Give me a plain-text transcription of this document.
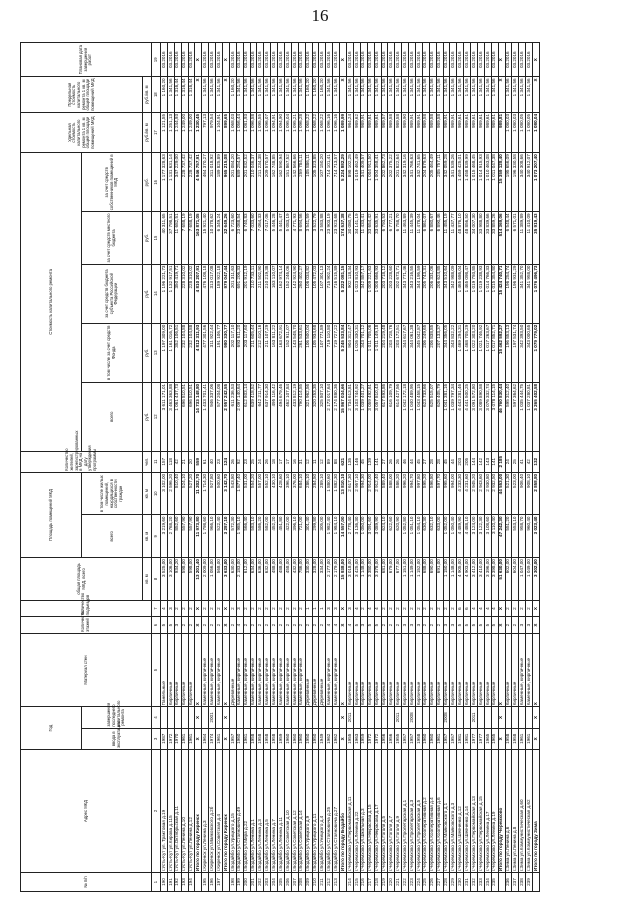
16
№ п/п	Адрес МКД	Год		Материал стен	Количество этажей	Количество подъездов	общая площадь МКД, всего	Площадь помещений МКД		Количество жителей, зарегистрированных в МКД на дату утверждения программы	Стоимость капитального ремонта					Удельная стоимость капитального ремонта 1 кв. м общей площади помещений МКД	Предельная стоимость капитального ремонта 1 кв. м общей площади помещений МКД	Плановая дата завершения работ
		ввода в эксплуатацию	завершения последнего капитального ремонта					всего	в том числе жилых помещений, находящихся в собственности граждан		всего	в том числе за счет средств Фонда	за счет средств бюджета субъекта Российской Федерации	за счет средств местного бюджета	за счет средств собственников помещений в МКД			
							кв. м	кв. м	кв. м	чел.	руб.	руб.	руб.	руб.	руб.	руб./кв. м	руб./кв. м	
1	2	3	4	5	6	7	8	9	10	11	12	13	14	15	16	17	18	19
190	г.Усть-Кут ул. Трактовая д.19	1987		Панельные	5	4	3 525,00	3 219,60	3 102,00	157	3 611 171,01	1 197 309,00	1 196 221,73	40 311,65	1 177 328,63	1 121,55	1 160,20	03.2016
191	г.Усть-Кут ул.Кирова д.115	1972		Кирпичные	5	3	3 106,00	2 768,20	2 596,20	118	3 463 363,88	1 161 016,72	1 132 917,51	37 798,51	1 131 631,14	1 251,13	1 341,56	03.2016
192	г.Усть-Кут ул.Октябрьская д.11	1970		Кирпичные	3	2	934,20	852,60	810,40	42	1 061 437,73	352 106,51	350 419,71	11 682,51	347 229,00	1 244,93	1 316,44	03.2016
193	г.Усть-Кут ул.Ленина д.10	1961		Кирпичные	2	2	598,00	557,90	524,10	21	696 810,51	232 104,88	228 310,02	7 658,19	228 737,42	1 249,00	1 316,44	03.2016
194	г.Усть-Кут ул.Ленина д.12	1961		Кирпичные	2	2	598,00	557,90	527,20	20	696 810,51	232 104,88	228 310,02	7 658,19	228 737,42	1 249,00	1 316,44	03.2016
	Итого по городу Киренск	X	X	X	X	X	13 201,40	11 973,80	11 202,70	559	14 733 148,80	4 812 311,93	4 810 207,91	163 871,05	4 946 757,91	1 230,45	X	X
195	г.Киренск ул.Ленина д.3	1964		Каменные, кирпичные	2	2	2 009,00	1 798,60	1 714,30	61	1 433 701,41	477 301,56	476 108,18	15 921,40	464 370,27	797,13	1 341,56	03.2016
196	г.Киренск ул.Маяковского д.2б	1974	2001	Каменные, кирпичные	2	2	1 056,00	966,10	927,80	40	946 337,06	311 922,44	313 017,08	10 378,62	311 018,92	979,54	1 341,56	03.2016
197	г.Киренск ул.Советская д.4	1961		Каменные, кирпичные	2	2	568,00	522,40	500,60	23	577 204,08	191 106,77	189 922,18	6 349,24	189 825,89	1 104,91	1 341,56	03.2016
	Итого по городу Киренск	X	X	X	X	X	3 633,00	3 287,10	3 142,70	124	2 957 242,55	980 330,77	979 047,44	32 649,26	965 215,08	899,65	X	X
198	г.Бодайбо ул.Урицкого д.15	1957		Деревянные	2	2	630,00	572,30	543,80	26	611 236,53	202 117,10	201 311,63	6 723,60	201 084,20	1 068,03	1 160,20	03.2016
199	г.Бодайбо ул.Стояновича д.49	1960		Каменные, кирпичные	4	3	2 183,00	1 985,10	1 877,40	92	2 097 140,64	693 611,20	691 206,33	23 068,54	689 254,57	1 056,44	1 341,56	03.2016
200	г.Бодайбо ул.Мира д.22	1961		Каменные, кирпичные	2	2	612,00	566,40	531,00	23	612 803,14	203 117,60	201 912,19	6 740,83	201 032,52	1 081,93	1 341,56	03.2016
201	г.Бодайбо ул.Ленина д.1	1958		Каменные, кирпичные	2	2	634,00	583,10	554,20	25	639 418,52	211 605,44	210 733,11	7 033,60	210 046,37	1 096,58	1 341,56	03.2016
202	г.Бодайбо ул.Ленина д.3	1958		Каменные, кирпичные	2	2	636,00	586,20	557,00	24	642 211,77	212 410,16	211 502,90	7 064,33	211 234,38	1 095,55	1 341,56	03.2016
203	г.Бодайбо ул.Ленина д.5	1958		Каменные, кирпичные	2	2	632,00	582,00	552,10	26	637 914,30	211 107,29	210 219,38	7 017,06	209 570,57	1 096,07	1 341,56	03.2016
204	г.Бодайбо ул.Ленина д.7	1958		Каменные, кирпичные	2	2	488,00	452,20	430,10	18	495 116,42	163 811,22	163 110,07	5 446,28	162 748,85	1 094,91	1 341,56	03.2016
205	г.Бодайбо ул.Ленина д.11	1959		Каменные, кирпичные	2	2	488,00	451,80	428,60	17	494 679,46	163 672,91	162 974,14	5 441,47	162 590,94	1 094,90	1 341,56	03.2016
206	г.Бодайбо ул.Советская д.10	1960		Каменные, кирпичные	2	2	458,00	422,00	396,10	17	462 107,84	152 911,07	152 246,06	5 083,19	151 867,52	1 095,04	1 341,56	03.2016
207	г.Бодайбо ул.Советская д.12	1960		Каменные, кирпичные	2	2	432,00	396,10	376,00	16	433 812,19	143 548,70	142 924,90	4 771,93	142 566,66	1 095,21	1 341,56	03.2016
208	г.Бодайбо ул.Советская д.14	1960		Каменные, кирпичные	2	2	786,00	721,00	684,10	31	790 414,55	261 533,61	260 402,27	8 694,56	259 784,11	1 096,28	1 341,56	03.2016
209	г.Бодайбо ул.Урицкого д.9	1950		Деревянные	2	1	330,00	301,40	286,10	12	321 962,56	106 500,04	106 034,82	3 541,59	105 886,11	1 068,22	1 160,20	03.2016
210	г.Бодайбо ул.Урицкого д.11	1950		Деревянные	2	1	328,00	299,80	284,50	11	320 253,35	105 934,68	105 472,03	3 522,79	105 323,85	1 068,22	1 160,20	03.2016
211	г.Бодайбо ул.Уницкого д.4	1949		Деревянные	2	1	334,00	305,00	289,10	12	325 807,10	107 771,89	107 301,13	3 583,88	107 150,20	1 068,22	1 160,20	03.2016
212	г.Бодайбо ул.Стояновича д.25	1962		Каменные, кирпичные	4	3	2 177,00	1 982,40	1 880,60	89	2 173 017,64	719 110,80	715 902,24	23 903,19	714 101,41	1 096,16	1 341,56	03.2016
213	г.Бодайбо ул.Стояновича д.27	1962		Каменные, кирпичные	4	3	2 179,00	1 984,10	1 882,30	88	2 174 880,36	719 727,22	716 515,89	23 923,68	714 713,57	1 096,16	1 341,56	03.2016
	Итого по городу Бодайбо	X	X	X	X	X	15 938,00	14 557,00	13 810,10	621	15 867 034,66	5 245 533,84	5 222 081,15	174 537,38	5 224 882,29	1 089,99	X	X
214	г.Черемхово ул.Первомайская д.11	1955	2011	Кирпичные	4	3	3 018,00	2 778,40	2 617,30	135	2 734 613,81	904 312,47	902 118,34	30 080,75	898 102,25	984,24	1 341,56	03.2016
215	г.Черемхово ул.Ленина д.22	1963		Кирпичные	5	4	3 425,00	3 136,30	2 957,10	146	3 103 744,92	1 026 330,31	1 023 810,93	34 141,19	1 019 462,49	989,62	1 341,56	03.2016
216	г.Черемхово ул.Школьная д.3	1959		Кирпичные	3	2	1 148,00	1 050,00	994,30	45	1 039 401,27	343 701,12	342 857,17	11 433,41	341 409,57	989,91	1 341,56	03.2016
217	г.Черемхово ул.Некрасова д.15	1972		Кирпичные	5	4	3 380,00	3 091,60	2 914,00	139	3 059 492,61	1 011 705,06	1 009 221,63	33 654,42	1 004 911,50	989,61	1 341,56	03.2016
218	г.Черемхово ул.Некрасова д.17	1972		Кирпичные	5	4	3 378,00	3 089,90	2 912,40	141	3 057 810,43	1 011 149,18	1 008 666,93	33 635,91	1 004 358,41	989,61	1 341,56	03.2016
219	г.Черемхово ул.Гоголя д.5	1956		Кирпичные	2	2	681,00	624,10	589,40	27	617 593,86	204 219,48	203 718,12	6 793,53	202 862,73	989,57	1 341,56	03.2016
220	г.Черемхово ул.Гоголя д.7	1956		Кирпичные	2	2	679,00	622,60	588,00	26	616 109,79	203 728,76	203 228,60	6 777,21	202 375,22	989,58	1 341,56	03.2016
221	г.Черемхово ул.Гоголя д.9	1955	2011	Кирпичные	2	2	677,00	620,90	586,20	26	614 427,56	203 172,51	202 673,71	6 758,70	201 822,64	989,58	1 341,56	03.2016
222	г.Черемхово ул.Пролетарская д.1	1957		Кирпичные	3	2	1 151,00	1 052,80	996,20	46	1 042 172,18	344 617,67	343 771,46	11 463,89	342 319,16	989,90	1 341,56	03.2016
223	г.Черемхово ул.Пролетарская д.3	1957	2008	Кирпичные	3	2	1 149,00	1 051,10	994,70	44	1 040 489,95	344 061,38	343 216,55	11 445,39	341 766,63	989,91	1 341,56	03.2016
224	г.Черемхово ул.Пролетарская д.5	1958		Кирпичные	3	2	1 152,00	1 054,10	997,80	45	1 043 458,15	345 042,87	344 195,59	11 478,04	342 741,65	989,91	1 341,56	03.2016
225	г.Черемхово ул.Кооперативная д.2	1960		Кирпичные	2	2	688,00	630,30	595,20	27	623 733,66	206 249,65	205 743,31	6 861,07	204 879,63	989,58	1 341,56	03.2016
226	г.Черемхово ул.Кооперативная д.4	1960		Кирпичные	2	2	690,00	632,10	596,80	28	625 515,07	206 838,85	206 331,06	6 880,67	205 464,49	989,58	1 341,56	03.2016
227	г.Черемхово ул.Кооперативная д.6	1961		Кирпичные	2	2	691,00	633,00	597,70	28	626 405,79	207 133,37	206 624,85	6 890,46	205 757,11	989,58	1 341,56	03.2016
228	г.Черемхово ул.Маяковского д.1	1957	2008	Кирпичные	3	2	1 150,00	1 052,00	995,60	45	1 041 381,16	344 356,05	343 510,64	11 455,19	342 059,28	989,91	1 341,56	03.2016
229	г.Черемхово ул.Маяковского д.3	1957		Кирпичные	3	2	1 148,00	1 050,40	994,00	44	1 039 797,34	343 832,22	342 988,09	11 437,77	341 539,26	989,91	1 341,56	03.2016
230	г.Черемхово ул.Шевченко д.12	1981		Кирпичные	5	6	4 905,00	4 489,90	4 233,30	203	4 443 281,46	1 469 294,31	1 465 686,04	48 876,10	1 459 425,01	989,61	1 341,56	03.2016
231	г.Черемхово ул.Шевченко д.14	1981		Кирпичные	5	6	4 903,00	4 488,10	4 231,60	205	4 441 500,25	1 468 705,29	1 465 098,47	48 856,50	1 458 839,99	989,61	1 341,56	03.2016
232	г.Черемхово ул.Первомайская д.13	1977	2011	Кирпичные	5	4	3 412,00	3 124,00	2 945,20	144	3 091 572,80	1 022 303,20	1 019 793,85	34 007,30	1 015 468,45	989,61	1 341,56	03.2016
233	г.Черемхово ул.Первомайская д.15	1977		Кирпичные	5	4	3 410,00	3 122,30	2 943,60	142	3 089 890,58	1 021 746,92	1 019 238,93	33 988,80	1 014 915,93	989,61	1 341,56	03.2016
234	г.Черемхово ул.Ленина д.17	1965		Кирпичные	5	4	3 396,00	3 108,60	2 930,80	143	3 076 332,74	1 017 263,67	1 014 766,33	33 839,66	1 010 463,08	989,61	1 341,56	03.2016
235	г.Черемхово ул.Ленина д.19	1965		Кирпичные	5	4	3 398,00	3 110,40	2 932,50	141	3 078 114,15	1 017 852,71	1 015 354,80	33 859,26	1 011 047,38	989,61	1 341,56	03.2016
	Итого по городу Черемхово	X	X	X	X	X	51 630,00	47 242,30	44 553,00	2 185	46 760 830,44	15 462 592,27	15 424 740,71	514 369,06	15 359 128,40	989,81	X	X
236	г.Зима ул.Ленина д.6	1958		Кирпичные	2	2	602,00	551,20	521,30	24	595 312,40	196 853,13	196 254,74	6 548,44	195 656,09	1 080,03	1 341,56	03.2016
237	г.Зима ул.Ленина д.8	1958		Кирпичные	2	2	604,00	553,10	523,00	25	597 364,62	197 531,74	196 931,29	6 571,01	196 330,58	1 080,03	1 341,56	03.2016
238	г.Зима ул.Коммунистическая д.60	1961		Каменные, кирпичные	3	2	1 047,00	958,70	906,40	41	1 035 444,75	342 393,50	341 352,70	11 389,89	340 308,66	1 080,05	1 341,56	03.2016
239	г.Зима ул.Коммунистическая д.62	1961		Каменные, кирпичные	3	2	1 049,00	960,40	908,10	42	1 037 280,81	343 000,65	341 958,00	11 410,09	340 912,07	1 080,05	1 341,56	03.2016
	Итого по городу Зима	X	X	X	X	X	3 302,00	3 023,40	2 858,80	132	3 265 402,58	1 079 779,02	1 076 496,73	35 919,43	1 073 207,40	1 080,04	X	X
